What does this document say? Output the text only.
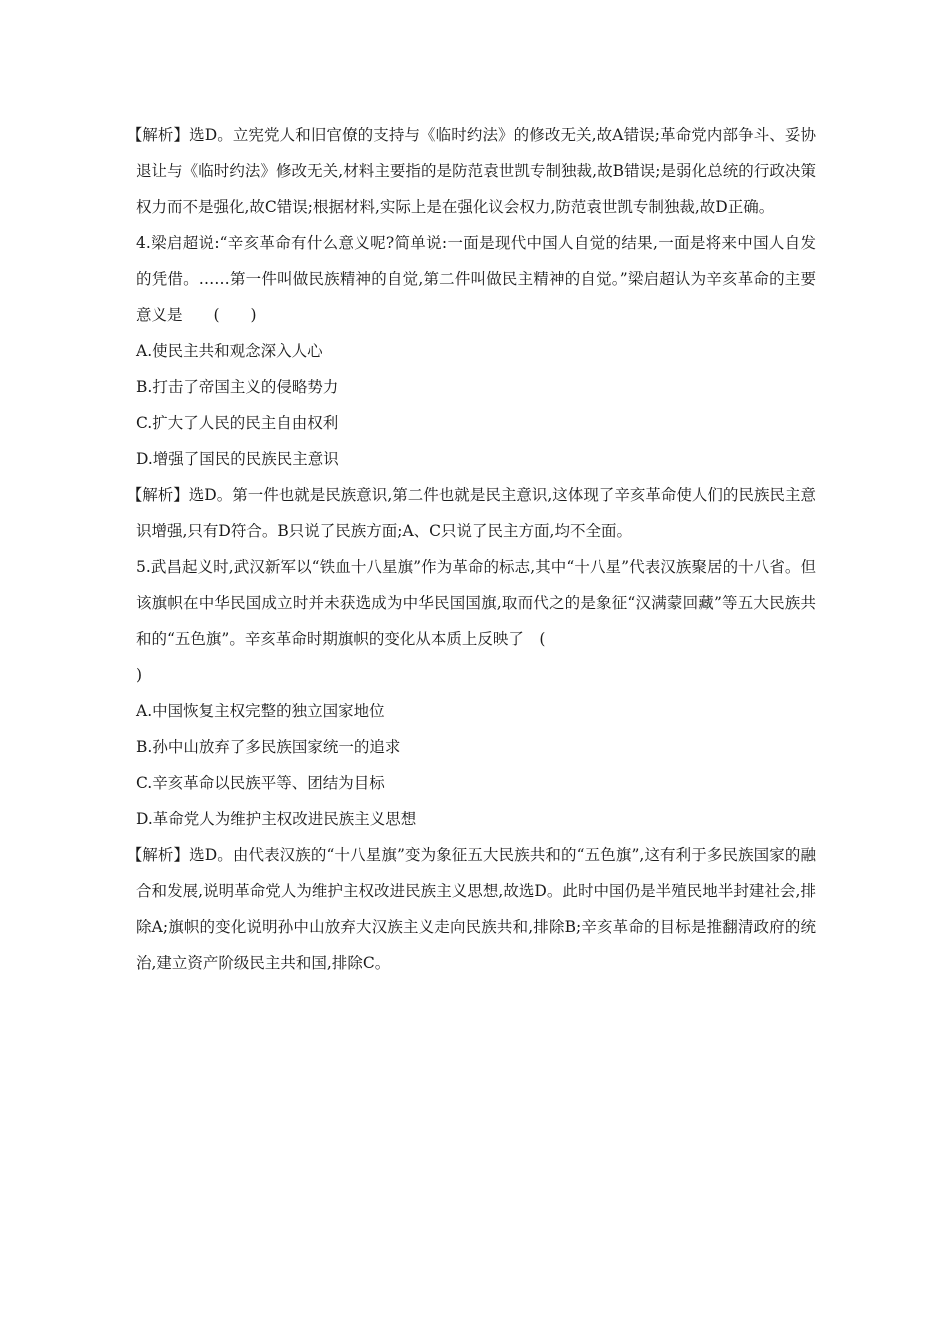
【解析】选D。立宪党人和旧官僚的支持与《临时约法》的修改无关,故A错误;革命党内部争斗、妥协退让与《临时约法》修改无关,材料主要指的是防范袁世凯专制独裁,故B错误;是弱化总统的行政决策权力而不是强化,故C错误;根据材料,实际上是在强化议会权力,防范袁世凯专制独裁,故D正确。

4.梁启超说:“辛亥革命有什么意义呢?简单说:一面是现代中国人自觉的结果,一面是将来中国人自发的凭借。……第一件叫做民族精神的自觉,第二件叫做民主精神的自觉。”梁启超认为辛亥革命的主要意义是　　(　　)

A.使民主共和观念深入人心

B.打击了帝国主义的侵略势力

C.扩大了人民的民主自由权利

D.增强了国民的民族民主意识

【解析】选D。第一件也就是民族意识,第二件也就是民主意识,这体现了辛亥革命使人们的民族民主意识增强,只有D符合。B只说了民族方面;A、C只说了民主方面,均不全面。

5.武昌起义时,武汉新军以“铁血十八星旗”作为革命的标志,其中“十八星”代表汉族聚居的十八省。但该旗帜在中华民国成立时并未获选成为中华民国国旗,取而代之的是象征“汉满蒙回藏”等五大民族共和的“五色旗”。辛亥革命时期旗帜的变化从本质上反映了　(

)

A.中国恢复主权完整的独立国家地位

B.孙中山放弃了多民族国家统一的追求

C.辛亥革命以民族平等、团结为目标

D.革命党人为维护主权改进民族主义思想

【解析】选D。由代表汉族的“十八星旗”变为象征五大民族共和的“五色旗”,这有利于多民族国家的融合和发展,说明革命党人为维护主权改进民族主义思想,故选D。此时中国仍是半殖民地半封建社会,排除A;旗帜的变化说明孙中山放弃大汉族主义走向民族共和,排除B;辛亥革命的目标是推翻清政府的统治,建立资产阶级民主共和国,排除C。
